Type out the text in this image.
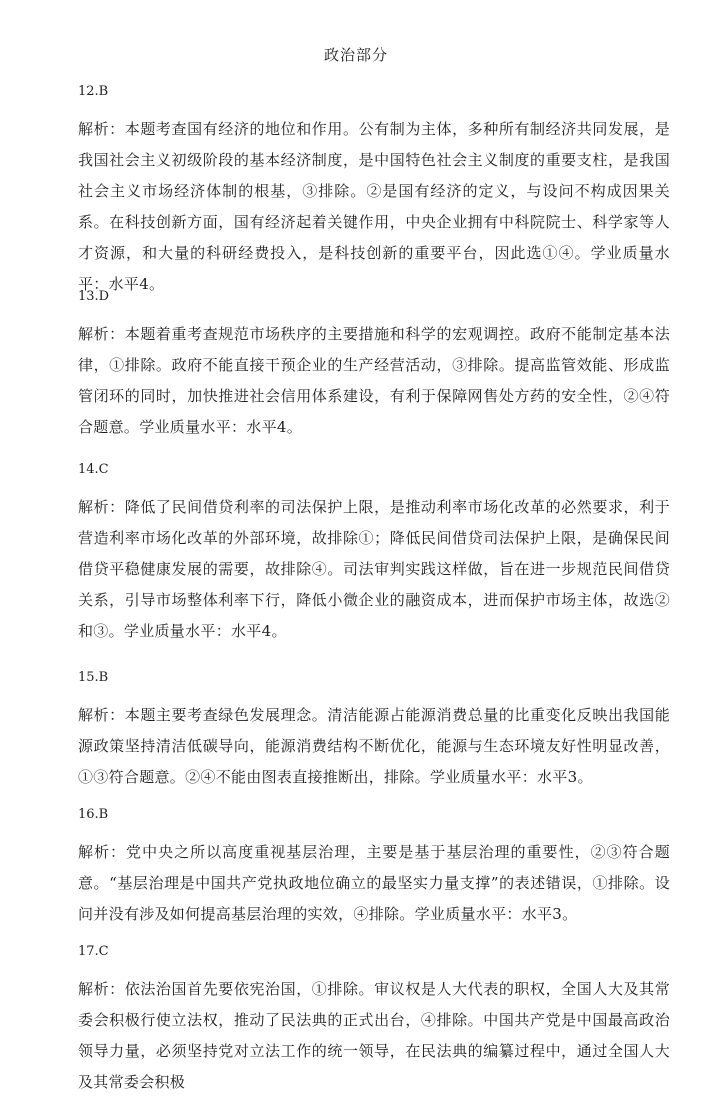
政治部分

12.B

解析：本题考查国有经济的地位和作用。公有制为主体，多种所有制经济共同发展，是我国社会主义初级阶段的基本经济制度，是中国特色社会主义制度的重要支柱，是我国社会主义市场经济体制的根基，③排除。②是国有经济的定义，与设问不构成因果关系。在科技创新方面，国有经济起着关键作用，中央企业拥有中科院院士、科学家等人才资源，和大量的科研经费投入，是科技创新的重要平台，因此选①④。学业质量水平：水平4。

13.D

解析：本题着重考查规范市场秩序的主要措施和科学的宏观调控。政府不能制定基本法律，①排除。政府不能直接干预企业的生产经营活动，③排除。提高监管效能、形成监管闭环的同时，加快推进社会信用体系建设，有利于保障网售处方药的安全性，②④符合题意。学业质量水平：水平4。

14.C

解析：降低了民间借贷利率的司法保护上限，是推动利率市场化改革的必然要求，利于营造利率市场化改革的外部环境，故排除①；降低民间借贷司法保护上限，是确保民间借贷平稳健康发展的需要，故排除④。司法审判实践这样做，旨在进一步规范民间借贷关系，引导市场整体利率下行，降低小微企业的融资成本，进而保护市场主体，故选②和③。学业质量水平：水平4。

15.B

解析：本题主要考查绿色发展理念。清洁能源占能源消费总量的比重变化反映出我国能源政策坚持清洁低碳导向，能源消费结构不断优化，能源与生态环境友好性明显改善，①③符合题意。②④不能由图表直接推断出，排除。学业质量水平：水平3。

16.B

解析：党中央之所以高度重视基层治理，主要是基于基层治理的重要性，②③符合题意。“基层治理是中国共产党执政地位确立的最坚实力量支撑”的表述错误，①排除。设问并没有涉及如何提高基层治理的实效，④排除。学业质量水平：水平3。

17.C

解析：依法治国首先要依宪治国，①排除。审议权是人大代表的职权，全国人大及其常委会积极行使立法权，推动了民法典的正式出台，④排除。中国共产党是中国最高政治领导力量，必须坚持党对立法工作的统一领导，在民法典的编纂过程中，通过全国人大及其常委会积极
